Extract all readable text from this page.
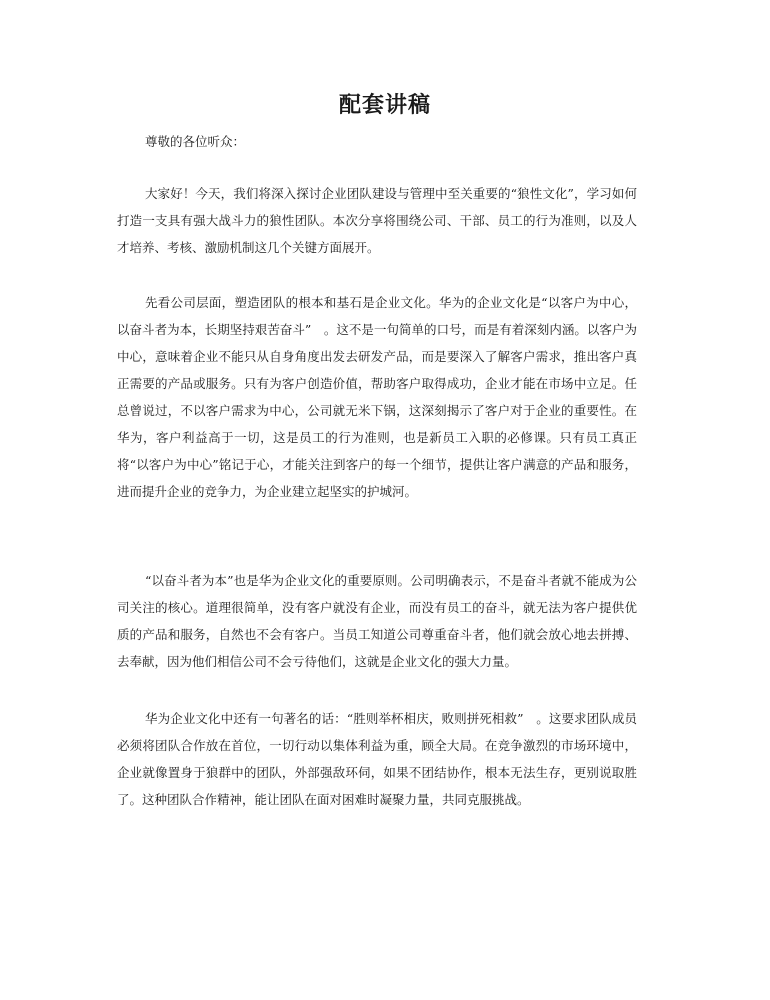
配套讲稿

尊敬的各位听众：

大家好！今天，我们将深入探讨企业团队建设与管理中至关重要的“狼性文化”，学习如何打造一支具有强大战斗力的狼性团队。本次分享将围绕公司、干部、员工的行为准则，以及人才培养、考核、激励机制这几个关键方面展开。

先看公司层面，塑造团队的根本和基石是企业文化。华为的企业文化是“以客户为中心，以奋斗者为本，长期坚持艰苦奋斗”　。这不是一句简单的口号，而是有着深刻内涵。以客户为中心，意味着企业不能只从自身角度出发去研发产品，而是要深入了解客户需求，推出客户真正需要的产品或服务。只有为客户创造价值，帮助客户取得成功，企业才能在市场中立足。任总曾说过，不以客户需求为中心，公司就无米下锅，这深刻揭示了客户对于企业的重要性。在华为，客户利益高于一切，这是员工的行为准则，也是新员工入职的必修课。只有员工真正将“以客户为中心”铭记于心，才能关注到客户的每一个细节，提供让客户满意的产品和服务，进而提升企业的竞争力，为企业建立起坚实的护城河。

“以奋斗者为本”也是华为企业文化的重要原则。公司明确表示，不是奋斗者就不能成为公司关注的核心。道理很简单，没有客户就没有企业，而没有员工的奋斗，就无法为客户提供优质的产品和服务，自然也不会有客户。当员工知道公司尊重奋斗者，他们就会放心地去拼搏、去奉献，因为他们相信公司不会亏待他们，这就是企业文化的强大力量。

华为企业文化中还有一句著名的话：“胜则举杯相庆，败则拼死相救”　。这要求团队成员必须将团队合作放在首位，一切行动以集体利益为重，顾全大局。在竞争激烈的市场环境中，企业就像置身于狼群中的团队，外部强敌环伺，如果不团结协作，根本无法生存，更别说取胜了。这种团队合作精神，能让团队在面对困难时凝聚力量，共同克服挑战。
